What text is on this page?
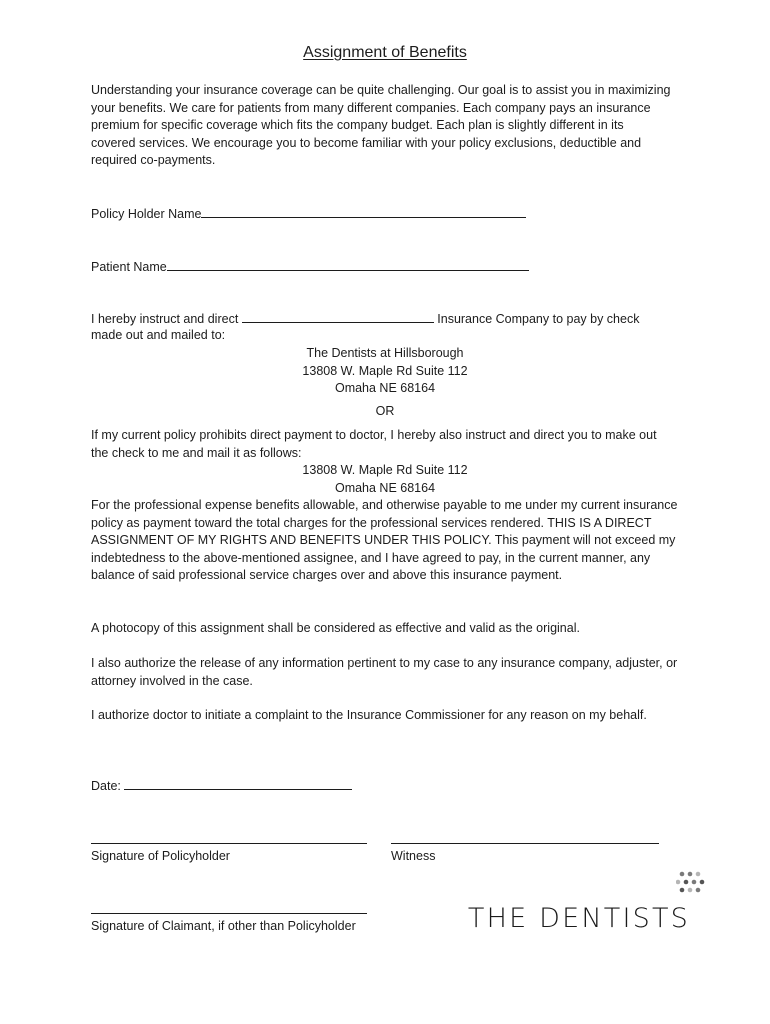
Assignment of Benefits

Understanding your insurance coverage can be quite challenging. Our goal is to assist you in maximizing your benefits. We care for patients from many different companies. Each company pays an insurance premium for specific coverage which fits the company budget. Each plan is slightly different in its covered services. We encourage you to become familiar with your policy exclusions, deductible and required co-payments.

Policy Holder Name
Patient Name
I hereby instruct and direct	Insurance Company to pay by check
made out and mailed to:
The Dentists at Hillsborough
13808 W. Maple Rd Suite 112
Omaha NE 68164
OR

If my current policy prohibits direct payment to doctor, I hereby also instruct and direct you to make out the check to me and mail it as follows:

13808 W. Maple Rd Suite 112
Omaha NE 68164

For the professional expense benefits allowable, and otherwise payable to me under my current insurance policy as payment toward the total charges for the professional services rendered. THIS IS A DIRECT ASSIGNMENT OF MY RIGHTS AND BENEFITS UNDER THIS POLICY. This payment will not exceed my indebtedness to the above-mentioned assignee, and I have agreed to pay, in the current manner, any balance of said professional service charges over and above this insurance payment.

A photocopy of this assignment shall be considered as effective and valid as the original.

I also authorize the release of any information pertinent to my case to any insurance company, adjuster, or attorney involved in the case.

I authorize doctor to initiate a complaint to the Insurance Commissioner for any reason on my behalf.

Date:
Signature of Policyholder	Witness
Signature of Claimant, if other than Policyholder	THE DENTISTS
